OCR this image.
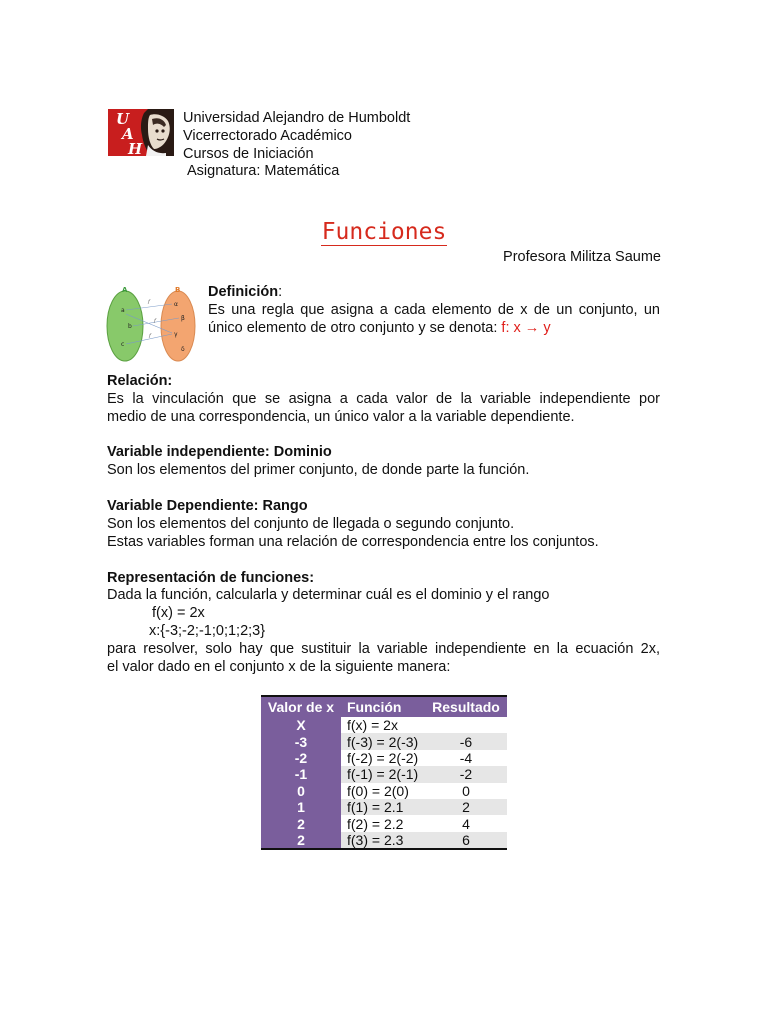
U
A
H
Universidad Alejandro de Humboldt
Vicerrectorado Académico
Cursos de Iniciación
Asignatura: Matemática
Funciones
Profesora Militza Saume
A	B
a
b
c
α
β
γ
δ
f
f
f
Definición:
Es una regla que asigna a cada elemento de x de un conjunto, un
único elemento de otro conjunto y se denota: f: x → y
Relación:
Es la vinculación que se asigna a cada valor de la variable independiente por
medio de una correspondencia, un único valor a la variable dependiente.
Variable independiente: Dominio
Son los elementos del primer conjunto, de donde parte la función.
Variable Dependiente: Rango
Son los elementos del conjunto de llegada o segundo conjunto.
Estas variables forman una relación de correspondencia entre los conjuntos.
Representación de funciones:
Dada la función, calcularla y determinar cuál es el dominio y el rango
f(x) = 2x
x:{-3;-2;-1;0;1;2;3}
para resolver, solo hay que sustituir la variable independiente en la ecuación 2x,
el valor dado en el conjunto x de la siguiente manera:
Valor de x	Función	Resultado
X	f(x) = 2x	
-3	f(-3) = 2(-3)	-6
-2	f(-2) = 2(-2)	-4
-1	f(-1) = 2(-1)	-2
0	f(0) = 2(0)	0
1	f(1) = 2.1	2
2	f(2) = 2.2	4
2	f(3) = 2.3	6
